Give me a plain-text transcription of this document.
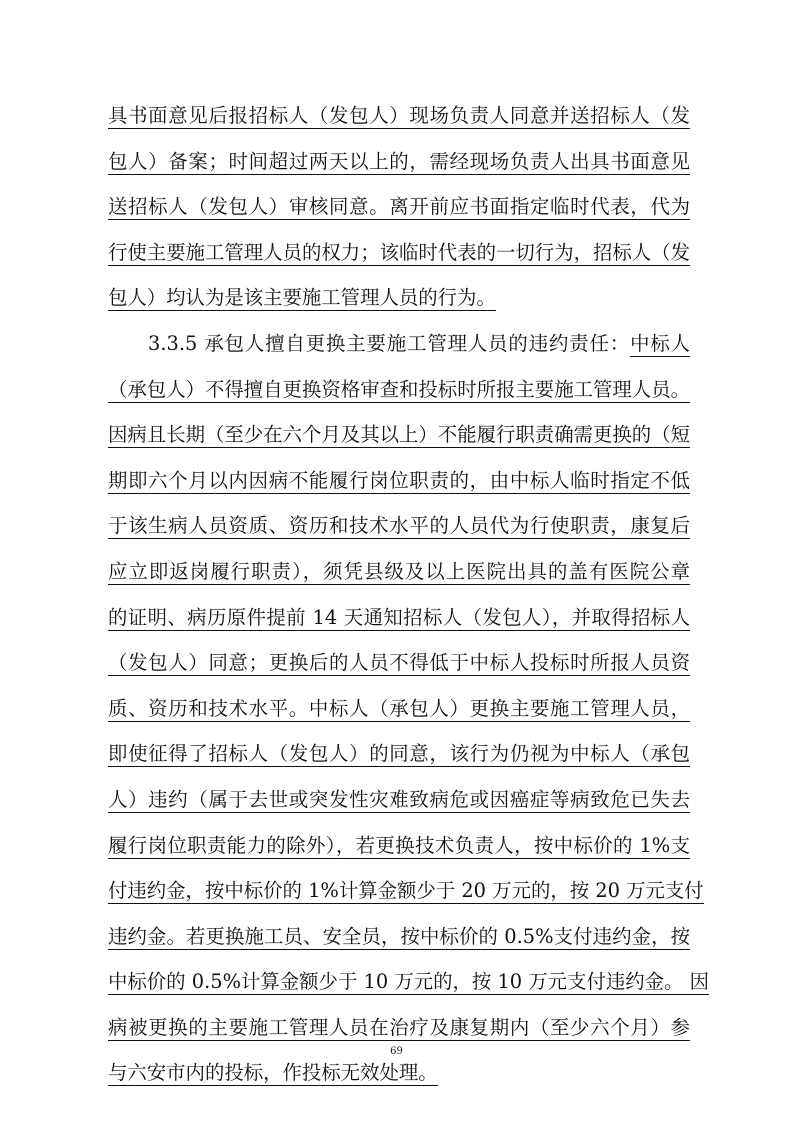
具书面意见后报招标人（发包人）现场负责人同意并送招标人（发
包人）备案；时间超过两天以上的，需经现场负责人出具书面意见
送招标人（发包人）审核同意。离开前应书面指定临时代表，代为
行使主要施工管理人员的权力；该临时代表的一切行为，招标人（发
包人）均认为是该主要施工管理人员的行为。
3.3.5 承包人擅自更换主要施工管理人员的违约责任：中标人
（承包人）不得擅自更换资格审查和投标时所报主要施工管理人员。
因病且长期（至少在六个月及其以上）不能履行职责确需更换的（短
期即六个月以内因病不能履行岗位职责的，由中标人临时指定不低
于该生病人员资质、资历和技术水平的人员代为行使职责，康复后
应立即返岗履行职责），须凭县级及以上医院出具的盖有医院公章
的证明、病历原件提前 14 天通知招标人（发包人），并取得招标人
（发包人）同意；更换后的人员不得低于中标人投标时所报人员资
质、资历和技术水平。中标人（承包人）更换主要施工管理人员，
即使征得了招标人（发包人）的同意，该行为仍视为中标人（承包
人）违约（属于去世或突发性灾难致病危或因癌症等病致危已失去
履行岗位职责能力的除外），若更换技术负责人，按中标价的 1%支
付违约金，按中标价的 1%计算金额少于 20 万元的，按 20 万元支付
违约金。若更换施工员、安全员，按中标价的 0.5%支付违约金，按
中标价的 0.5%计算金额少于 10 万元的，按 10 万元支付违约金。 因
病被更换的主要施工管理人员在治疗及康复期内（至少六个月）参
与六安市内的投标，作投标无效处理。
69
